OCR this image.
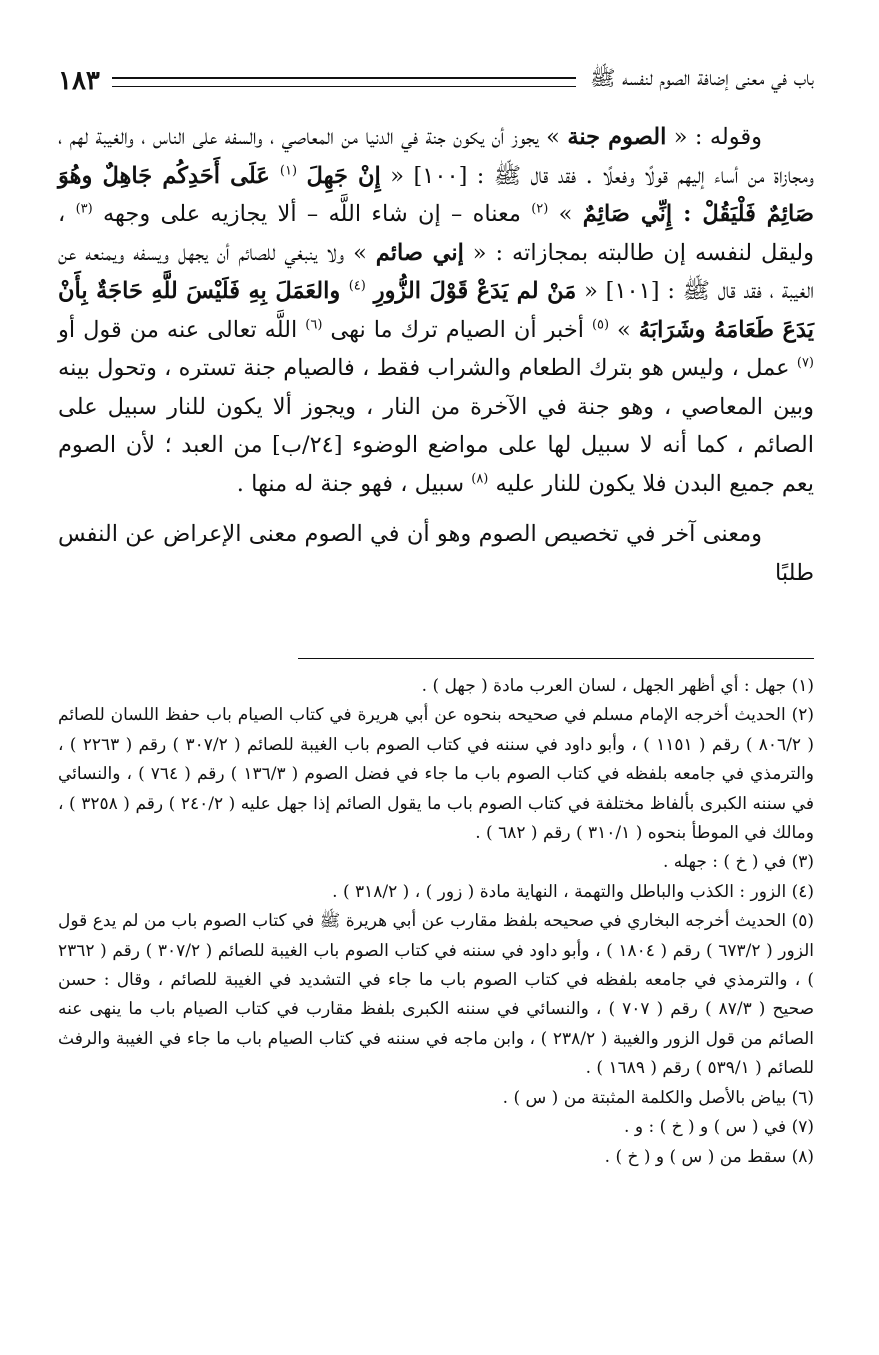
باب في معنى إضافة الصوم لنفسه ﷺ
١٨٣

وقوله : « الصوم جنة » يجوز أن يكون جنة في الدنيا من المعاصي ، والسفه على الناس ، والغيبة لهم ، ومجازاة من أساء إليهم قولًا وفعلًا . فقد قال ﷺ : [١٠٠] « إِنْ جَهِلَ $^{(١)}$ عَلَى أَحَدِكُم جَاهِلٌ وهُوَ صَائِمٌ فَلْيَقُلْ : إِنِّي صَائِمٌ » $^{(٢)}$ معناه – إن شاء اللَّه – ألا يجازيه على وجهه $^{(٣)}$ ، وليقل لنفسه إن طالبته بمجازاته : « إني صائم » ولا ينبغي للصائم أن يجهل ويسفه ويمنعه عن الغيبة ، فقد قال ﷺ : [١٠١] « مَنْ لم يَدَعْ قَوْلَ الزُّورِ $^{(٤)}$ والعَمَلَ بِهِ فَلَيْسَ للَّهِ حَاجَةٌ بِأَنْ يَدَعَ طَعَامَهُ وشَرَابَهُ » $^{(٥)}$ أخبر أن الصيام ترك ما نهى $^{(٦)}$ اللَّه تعالى عنه من قول أو $^{(٧)}$ عمل ، وليس هو بترك الطعام والشراب فقط ، فالصيام جنة تستره ، وتحول بينه وبين المعاصي ، وهو جنة في الآخرة من النار ، ويجوز ألا يكون للنار سبيل على الصائم ، كما أنه لا سبيل لها على مواضع الوضوء [٢٤/ب] من العبد ؛ لأن الصوم يعم جميع البدن فلا يكون للنار عليه $^{(٨)}$ سبيل ، فهو جنة له منها .

ومعنى آخر في تخصيص الصوم وهو أن في الصوم معنى الإعراض عن النفس طلبًا

(١) جهل : أي أظهر الجهل ، لسان العرب مادة ( جهل ) .

(٢) الحديث أخرجه الإمام مسلم في صحيحه بنحوه عن أبي هريرة في كتاب الصيام باب حفظ اللسان للصائم ( ٨٠٦/٢ ) رقم ( ١١٥١ ) ، وأبو داود في سننه في كتاب الصوم باب الغيبة للصائم ( ٣٠٧/٢ ) رقم ( ٢٢٦٣ ) ، والترمذي في جامعه بلفظه في كتاب الصوم باب ما جاء في فضل الصوم ( ١٣٦/٣ ) رقم ( ٧٦٤ ) ، والنسائي في سننه الكبرى بألفاظ مختلفة في كتاب الصوم باب ما يقول الصائم إذا جهل عليه ( ٢٤٠/٢ ) رقم ( ٣٢٥٨ ) ، ومالك في الموطأ بنحوه ( ٣١٠/١ ) رقم ( ٦٨٢ ) .

(٣) في ( خ ) : جهله .

(٤) الزور : الكذب والباطل والتهمة ، النهاية مادة ( زور ) ، ( ٣١٨/٢ ) .

(٥) الحديث أخرجه البخاري في صحيحه بلفظ مقارب عن أبي هريرة ﷺ في كتاب الصوم باب من لم يدع قول الزور ( ٦٧٣/٢ ) رقم ( ١٨٠٤ ) ، وأبو داود في سننه في كتاب الصوم باب الغيبة للصائم ( ٣٠٧/٢ ) رقم ( ٢٣٦٢ ) ، والترمذي في جامعه بلفظه في كتاب الصوم باب ما جاء في التشديد في الغيبة للصائم ، وقال : حسن صحيح ( ٨٧/٣ ) رقم ( ٧٠٧ ) ، والنسائي في سننه الكبرى بلفظ مقارب في كتاب الصيام باب ما ينهى عنه الصائم من قول الزور والغيبة ( ٢٣٨/٢ ) ، وابن ماجه في سننه في كتاب الصيام باب ما جاء في الغيبة والرفث للصائم ( ٥٣٩/١ ) رقم ( ١٦٨٩ ) .

(٦) بياض بالأصل والكلمة المثبتة من ( س ) .

(٧) في ( س ) و ( خ ) : و .

(٨) سقط من ( س ) و ( خ ) .
